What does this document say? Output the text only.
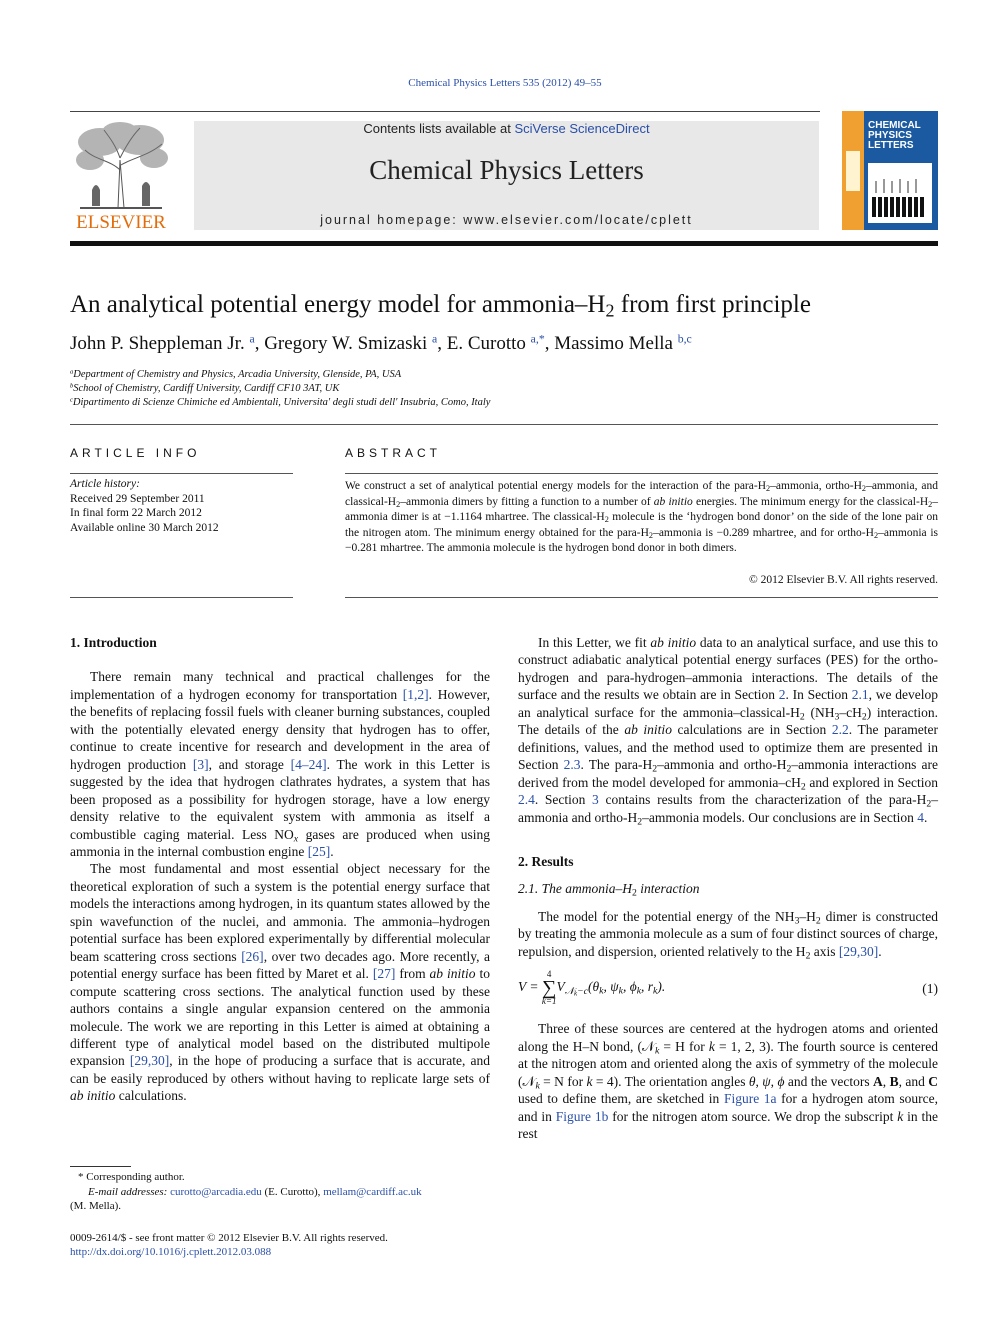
Chemical Physics Letters 535 (2012) 49–55
ELSEVIER
Contents lists available at SciVerse ScienceDirect
Chemical Physics Letters
journal homepage: www.elsevier.com/locate/cplett
CHEMICAL PHYSICS LETTERS
An analytical potential energy model for ammonia–$H_2$ from first principle
John P. Sheppleman Jr. $^a$, Gregory W. Smizaski $^a$, E. Curotto $^{a,*}$, Massimo Mella $^{b,c}$
$^a$Department of Chemistry and Physics, Arcadia University, Glenside, PA, USA
$^b$School of Chemistry, Cardiff University, Cardiff CF10 3AT, UK
$^c$Dipartimento di Scienze Chimiche ed Ambientali, Universita' degli studi dell' Insubria, Como, Italy
ARTICLE INFO	ABSTRACT
Article history:
Received 29 September 2011
In final form 22 March 2012
Available online 30 March 2012
We construct a set of analytical potential energy models for the interaction of the para-$H_2$–ammonia, ortho-$H_2$–ammonia, and classical-$H_2$–ammonia dimers by fitting a function to a number of ab initio energies. The minimum energy for the classical-$H_2$–ammonia dimer is at −1.1164 mhartree. The classical-$H_2$ molecule is the ‘hydrogen bond donor’ on the side of the lone pair on the nitrogen atom. The minimum energy obtained for the para-$H_2$–ammonia is −0.289 mhartree, and for ortho-$H_2$–ammonia is −0.281 mhartree. The ammonia molecule is the hydrogen bond donor in both dimers.
© 2012 Elsevier B.V. All rights reserved.
1. Introduction

There remain many technical and practical challenges for the implementation of a hydrogen economy for transportation [1,2]. However, the benefits of replacing fossil fuels with cleaner burning substances, coupled with the potentially elevated energy density that hydrogen has to offer, continue to create incentive for research and development in the area of hydrogen production [3], and storage [4–24]. The work in this Letter is suggested by the idea that hydrogen clathrates hydrates, a system that has been proposed as a possibility for hydrogen storage, have a low energy density relative to the equivalent system with ammonia as itself a combustible caging material. Less $NO_x$ gases are produced when using ammonia in the internal combustion engine [25].

The most fundamental and most essential object necessary for the theoretical exploration of such a system is the potential energy surface that models the interactions among hydrogen, in its quantum states allowed by the spin wavefunction of the nuclei, and ammonia. The ammonia–hydrogen potential surface has been explored experimentally by differential molecular beam scattering cross sections [26], over two decades ago. More recently, a potential energy surface has been fitted by Maret et al. [27] from ab initio to compute scattering cross sections. The analytical function used by these authors contains a single angular expansion centered on the ammonia molecule. The work we are reporting in this Letter is aimed at obtaining a different type of analytical model based on the distributed multipole expansion [29,30], in the hope of producing a surface that is accurate, and can be easily reproduced by others without having to replicate large sets of ab initio calculations.

* Corresponding author.
E-mail addresses: curotto@arcadia.edu (E. Curotto), mellam@cardiff.ac.uk
(M. Mella).
0009-2614/$ - see front matter © 2012 Elsevier B.V. All rights reserved.
http://dx.doi.org/10.1016/j.cplett.2012.03.088

In this Letter, we fit ab initio data to an analytical surface, and use this to construct adiabatic analytical potential energy surfaces (PES) for the ortho-hydrogen and para-hydrogen–ammonia interactions. The details of the surface and the results we obtain are in Section 2. In Section 2.1, we develop an analytical surface for the ammonia–$classical-H_2$ $(NH_3-cH_2)$ interaction. The details of the ab initio calculations are in Section 2.2. The parameter definitions, values, and the method used to optimize them are presented in Section 2.3. The para-$H_2$–ammonia and ortho-$H_2$–ammonia interactions are derived from the model developed for ammonia–$cH_2$ and explored in Section 2.4. Section 3 contains results from the characterization of the para-$H_2$–ammonia and ortho-$H_2$–ammonia models. Our conclusions are in Section 4.

2. Results
2.1. The ammonia–$H_2$ interaction

The model for the potential energy of the $NH_3-H_2$ dimer is constructed by treating the ammonia molecule as a sum of four distinct sources of charge, repulsion, and dispersion, oriented relatively to the $H_2$ axis [29,30].

V =
4
∑
k=1
$V_{𝒩_k-c}(\theta_k$, $\psi_k$, $\phi_k$, $r_k$).	(1)

Three of these sources are centered at the hydrogen atoms and oriented along the H–N bond, (𝒩$_k$ = H for k = 1, 2, 3). The fourth source is centered at the nitrogen atom and oriented along the axis of symmetry of the molecule (𝒩$_k$ = N for k = 4). The orientation angles θ, ψ, ϕ and the vectors A, B, and C used to define them, are sketched in Figure 1a for a hydrogen atom source, and in Figure 1b for the nitrogen atom source. We drop the subscript k in the rest
